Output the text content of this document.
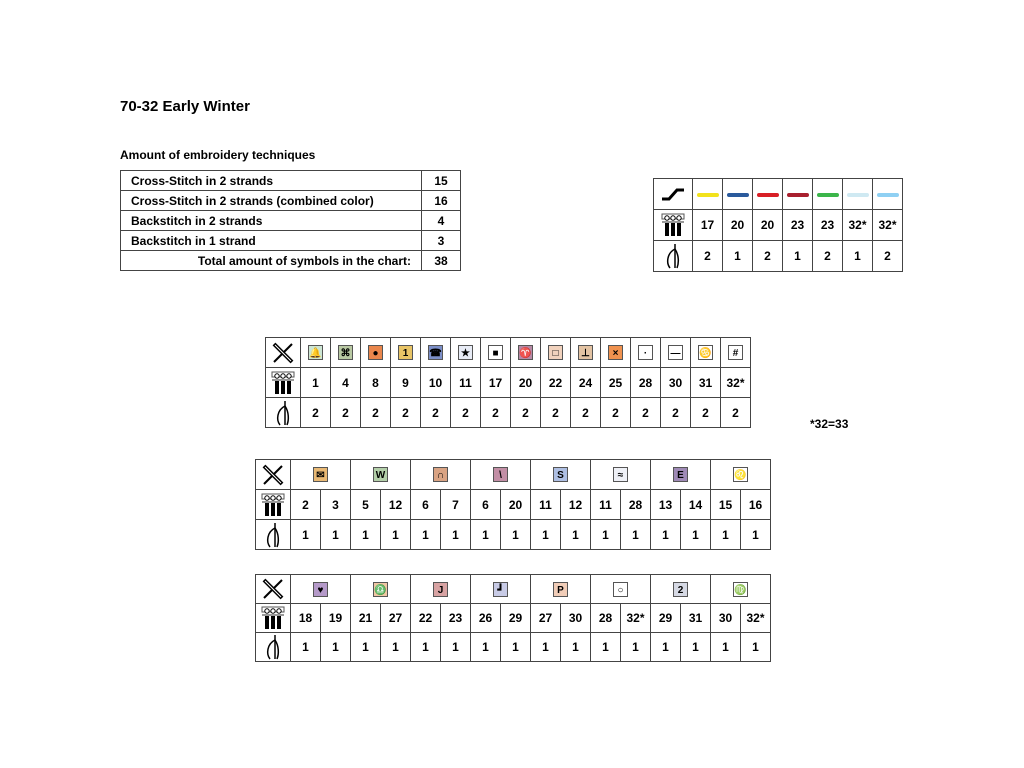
70-32 Early Winter
Amount of embroidery techniques
Cross-Stitch in 2 strands	15
Cross-Stitch in 2 strands (combined color)	16
Backstitch in 2 strands	4
Backstitch in 1 strand	3
Total amount of symbols in the chart:	38

	17	20	20	23	23	32*	32*

	2	1	2	1	2	1	2
	🔔	⌘	●	1	☎	★	■	♈	□	⊥	×	·	—	♋	#

	1	4	8	9	10	11	17	20	22	24	25	28	30	31	32*

	2	2	2	2	2	2	2	2	2	2	2	2	2	2	2
	✉		W		∩		\		S		≈		E		♌	

	2	3	5	12	6	7	6	20	11	12	11	28	13	14	15	16

	1	1	1	1	1	1	1	1	1	1	1	1	1	1	1	1
	♥		♎		J		┛		P		○		2		♍	

	18	19	21	27	22	23	26	29	27	30	28	32*	29	31	30	32*

	1	1	1	1	1	1	1	1	1	1	1	1	1	1	1	1
*32=33
